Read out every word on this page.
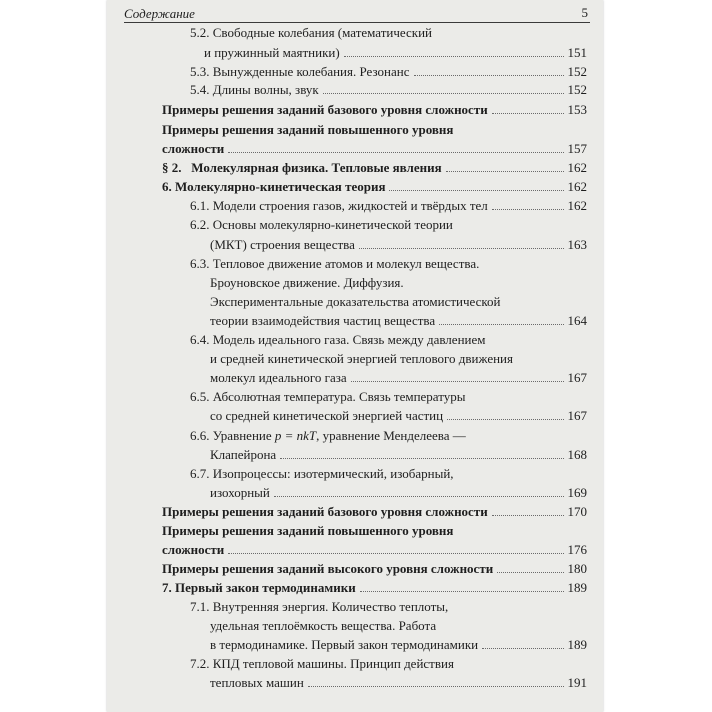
Содержание	5
5.2. Свободные колебания (математический
и пружинный маятники)	151
5.3. Вынужденные колебания. Резонанс	152
5.4. Длины волны, звук	152
Примеры решения заданий базового уровня сложности	153
Примеры решения заданий повышенного уровня
сложности	157
§ 2.   Молекулярная физика. Тепловые явления	162
6. Молекулярно-кинетическая теория	162
6.1. Модели строения газов, жидкостей и твёрдых тел	162
6.2. Основы молекулярно-кинетической теории
(МКТ) строения вещества	163
6.3. Тепловое движение атомов и молекул вещества.
Броуновское движение. Диффузия.
Экспериментальные доказательства атомистической
теории взаимодействия частиц вещества	164
6.4. Модель идеального газа. Связь между давлением
и средней кинетической энергией теплового движения
молекул идеального газа	167
6.5. Абсолютная температура. Связь температуры
со средней кинетической энергией частиц	167
6.6. Уравнение p = nkT, уравнение Менделеева —
Клапейрона	168
6.7. Изопроцессы: изотермический, изобарный,
изохорный	169
Примеры решения заданий базового уровня сложности	170
Примеры решения заданий повышенного уровня
сложности	176
Примеры решения заданий высокого уровня сложности	180
7. Первый закон термодинамики	189
7.1. Внутренняя энергия. Количество теплоты,
удельная теплоёмкость вещества. Работа
в термодинамике. Первый закон термодинамики	189
7.2. КПД тепловой машины. Принцип действия
тепловых машин	191
